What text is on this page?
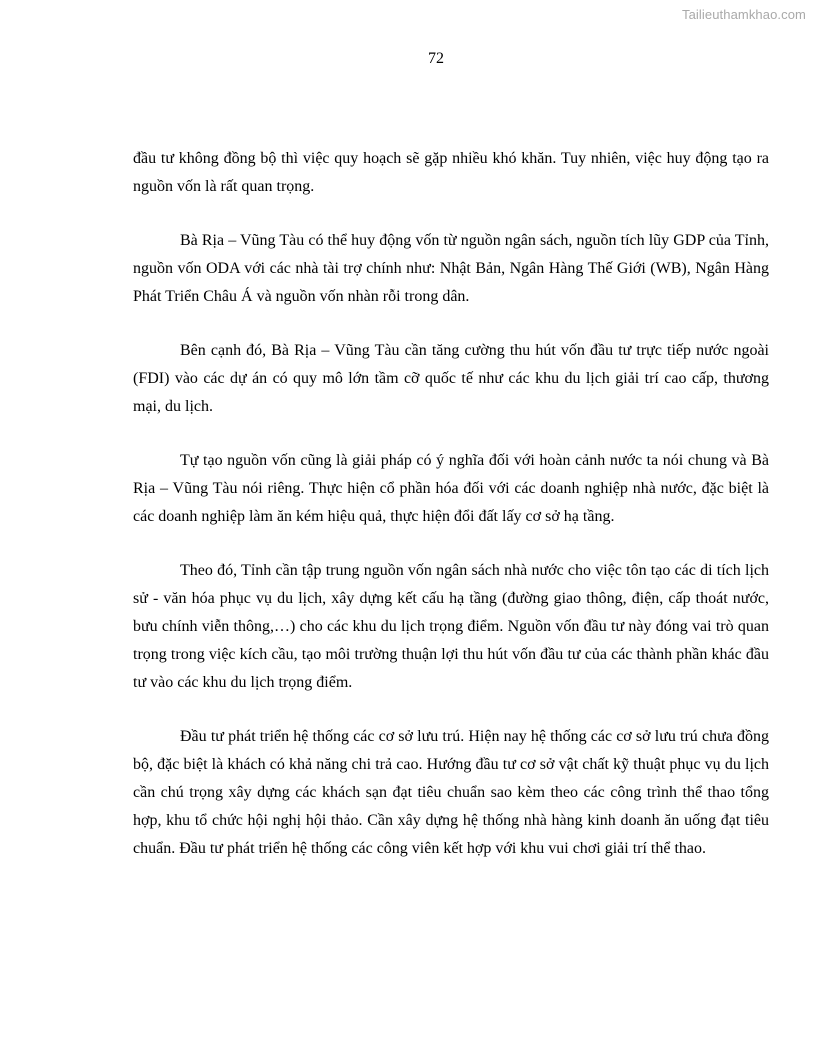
Tailieuthamkhao.com
72

đầu tư không đồng bộ thì việc quy hoạch sẽ gặp nhiều khó khăn. Tuy nhiên, việc huy động tạo ra nguồn vốn là rất quan trọng.

Bà Rịa – Vũng Tàu có thể huy động vốn từ nguồn ngân sách, nguồn tích lũy GDP của Tỉnh, nguồn vốn ODA với các nhà tài trợ chính như: Nhật Bản, Ngân Hàng Thế Giới (WB), Ngân Hàng Phát Triển Châu Á và nguồn vốn nhàn rỗi trong dân.

Bên cạnh đó, Bà Rịa – Vũng Tàu cần tăng cường thu hút vốn đầu tư trực tiếp nước ngoài (FDI) vào các dự án có quy mô lớn tầm cỡ quốc tế như các khu du lịch giải trí cao cấp, thương mại, du lịch.

Tự tạo nguồn vốn cũng là giải pháp có ý nghĩa đối với hoàn cảnh nước ta nói chung và Bà Rịa – Vũng Tàu nói riêng. Thực hiện cổ phần hóa đối với các doanh nghiệp nhà nước, đặc biệt là các doanh nghiệp làm ăn kém hiệu quả, thực hiện đổi đất lấy cơ sở hạ tầng.

Theo đó, Tỉnh cần tập trung nguồn vốn ngân sách nhà nước cho việc tôn tạo các di tích lịch sử - văn hóa phục vụ du lịch, xây dựng kết cấu hạ tầng (đường giao thông, điện, cấp thoát nước, bưu chính viễn thông,…) cho các khu du lịch trọng điểm. Nguồn vốn đầu tư này đóng vai trò quan trọng trong việc kích cầu, tạo môi trường thuận lợi thu hút vốn đầu tư của các thành phần khác đầu tư vào các khu du lịch trọng điểm.

Đầu tư phát triển hệ thống các cơ sở lưu trú. Hiện nay hệ thống các cơ sở lưu trú chưa đồng bộ, đặc biệt là khách có khả năng chi trả cao. Hướng đầu tư cơ sở vật chất kỹ thuật phục vụ du lịch cần chú trọng xây dựng các khách sạn đạt tiêu chuẩn sao kèm theo các công trình thể thao tổng hợp, khu tổ chức hội nghị hội thảo. Cần xây dựng hệ thống nhà hàng kinh doanh ăn uống đạt tiêu chuẩn. Đầu tư phát triển hệ thống các công viên kết hợp với khu vui chơi giải trí thể thao.
